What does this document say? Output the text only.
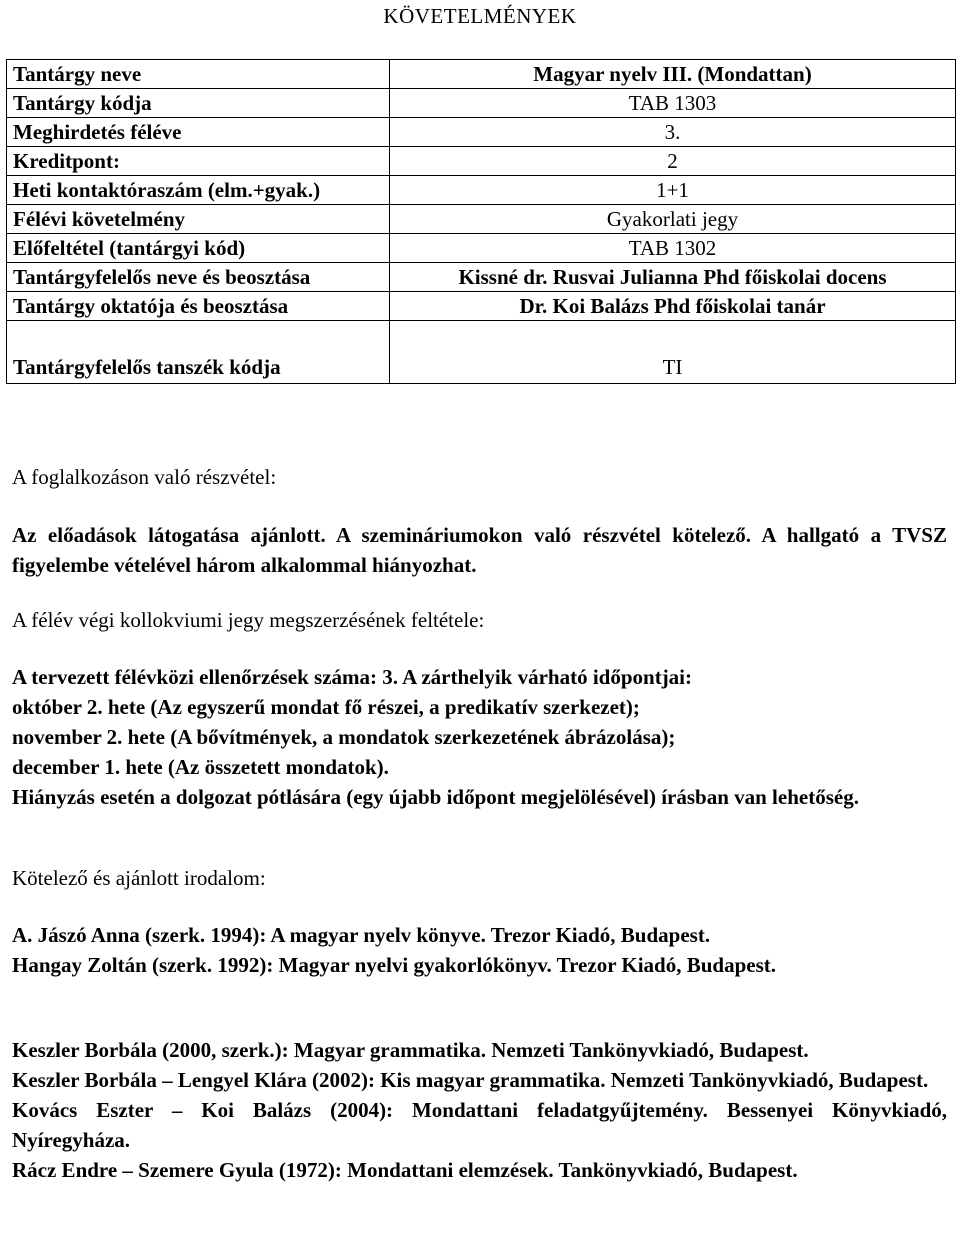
KÖVETELMÉNYEK
Tantárgy neve	Magyar nyelv III. (Mondattan)
Tantárgy kódja	TAB 1303
Meghirdetés féléve	3.
Kreditpont:	2
Heti kontaktóraszám (elm.+gyak.)	1+1
Félévi követelmény	Gyakorlati jegy
Előfeltétel (tantárgyi kód)	TAB 1302
Tantárgyfelelős neve és beosztása	Kissné dr. Rusvai Julianna Phd főiskolai docens
Tantárgy oktatója és beosztása	Dr. Koi Balázs Phd főiskolai tanár
Tantárgyfelelős tanszék kódja	TI
A foglalkozáson való részvétel:
Az előadások látogatása ajánlott. A szemináriumokon való részvétel kötelező. A hallgató a TVSZ figyelembe vételével három alkalommal hiányozhat.
A félév végi kollokviumi jegy megszerzésének feltétele:

A tervezett félévközi ellenőrzések száma: 3. A zárthelyik várható időpontjai:

október 2. hete (Az egyszerű mondat fő részei, a predikatív szerkezet);

november 2. hete (A bővítmények, a mondatok szerkezetének ábrázolása);

december 1. hete (Az összetett mondatok).

Hiányzás esetén a dolgozat pótlására (egy újabb időpont megjelölésével) írásban van lehetőség.

Kötelező és ajánlott irodalom:

A. Jászó Anna (szerk. 1994): A magyar nyelv könyve. Trezor Kiadó, Budapest.

Hangay Zoltán (szerk. 1992): Magyar nyelvi gyakorlókönyv. Trezor Kiadó, Budapest.

Keszler Borbála (2000, szerk.): Magyar grammatika. Nemzeti Tankönyvkiadó, Budapest.

Keszler Borbála – Lengyel Klára (2002): Kis magyar grammatika. Nemzeti Tankönyvkiadó, Budapest.

Kovács Eszter – Koi Balázs (2004): Mondattani feladatgyűjtemény. Bessenyei Könyvkiadó, Nyíregyháza.

Rácz Endre – Szemere Gyula (1972): Mondattani elemzések. Tankönyvkiadó, Budapest.
